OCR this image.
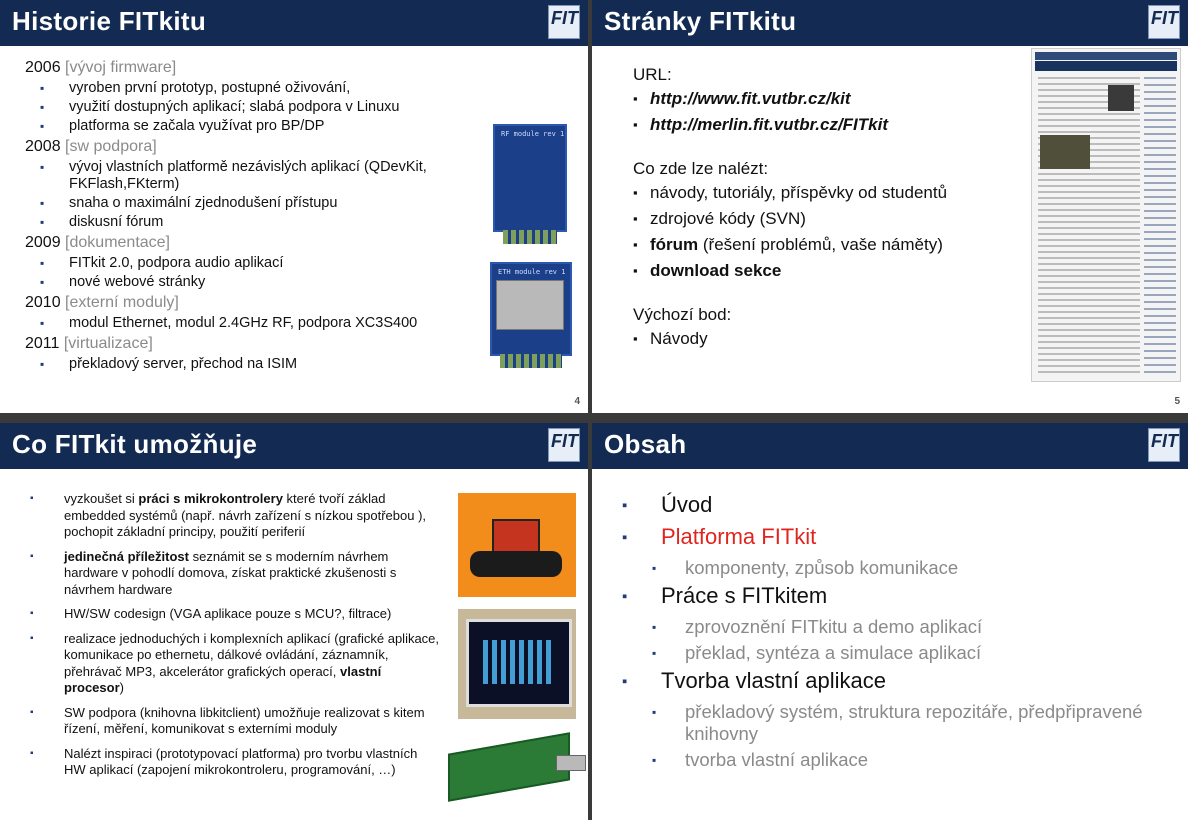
Historie FITkitu	FIT
2006 [vývoj firmware]
▪ vyroben první prototyp, postupné oživování,
▪ využití dostupných aplikací; slabá podpora v Linuxu
▪ platforma se začala využívat pro BP/DP
2008 [sw podpora]
▪ vývoj vlastních platformě nezávislých aplikací (QDevKit, FKFlash,FKterm)
▪ snaha o maximální zjednodušení přístupu
▪ diskusní fórum
2009 [dokumentace]
▪ FITkit 2.0, podpora audio aplikací
▪ nové webové stránky
2010 [externí moduly]
▪ modul Ethernet, modul 2.4GHz RF, podpora XC3S400
2011 [virtualizace]
▪ překladový server, přechod na ISIM
RF module rev 1
ETH module rev 1
4
Stránky FITkitu	FIT
URL:
▪ http://www.fit.vutbr.cz/kit
▪ http://merlin.fit.vutbr.cz/FITkit
Co zde lze nalézt:
▪ návody, tutoriály, příspěvky od studentů
▪ zdrojové kódy (SVN)
▪ fórum (řešení problémů, vaše náměty)
▪ download sekce
Výchozí bod:
▪ Návody
5
Co FITkit umožňuje	FIT
▪ vyzkoušet si práci s mikrokontrolery které tvoří základ embedded systémů (např. návrh zařízení s nízkou spotřebou ), pochopit základní principy, použití periferií
▪ jedinečná příležitost seznámit se s moderním návrhem hardware v pohodlí domova, získat praktické zkušenosti s návrhem hardware
▪ HW/SW codesign (VGA aplikace pouze s MCU?, filtrace)
▪ realizace jednoduchých i komplexních aplikací (grafické aplikace, komunikace po ethernetu, dálkové ovládání, záznamník, přehrávač MP3, akcelerátor grafických operací, vlastní procesor)
▪ SW podpora (knihovna libkitclient) umožňuje realizovat s kitem řízení, měření, komunikovat s externími moduly
▪ Nalézt inspiraci (prototypovací platforma) pro tvorbu vlastních HW aplikací (zapojení mikrokontroleru, programování, …)
Obsah	FIT
▪ Úvod
▪ Platforma FITkit
▪ komponenty, způsob komunikace
▪ Práce s FITkitem
▪ zprovoznění FITkitu a demo aplikací
▪ překlad, syntéza a simulace aplikací
▪ Tvorba vlastní aplikace
▪ překladový systém, struktura repozitáře, předpřipravené knihovny
▪ tvorba vlastní aplikace
